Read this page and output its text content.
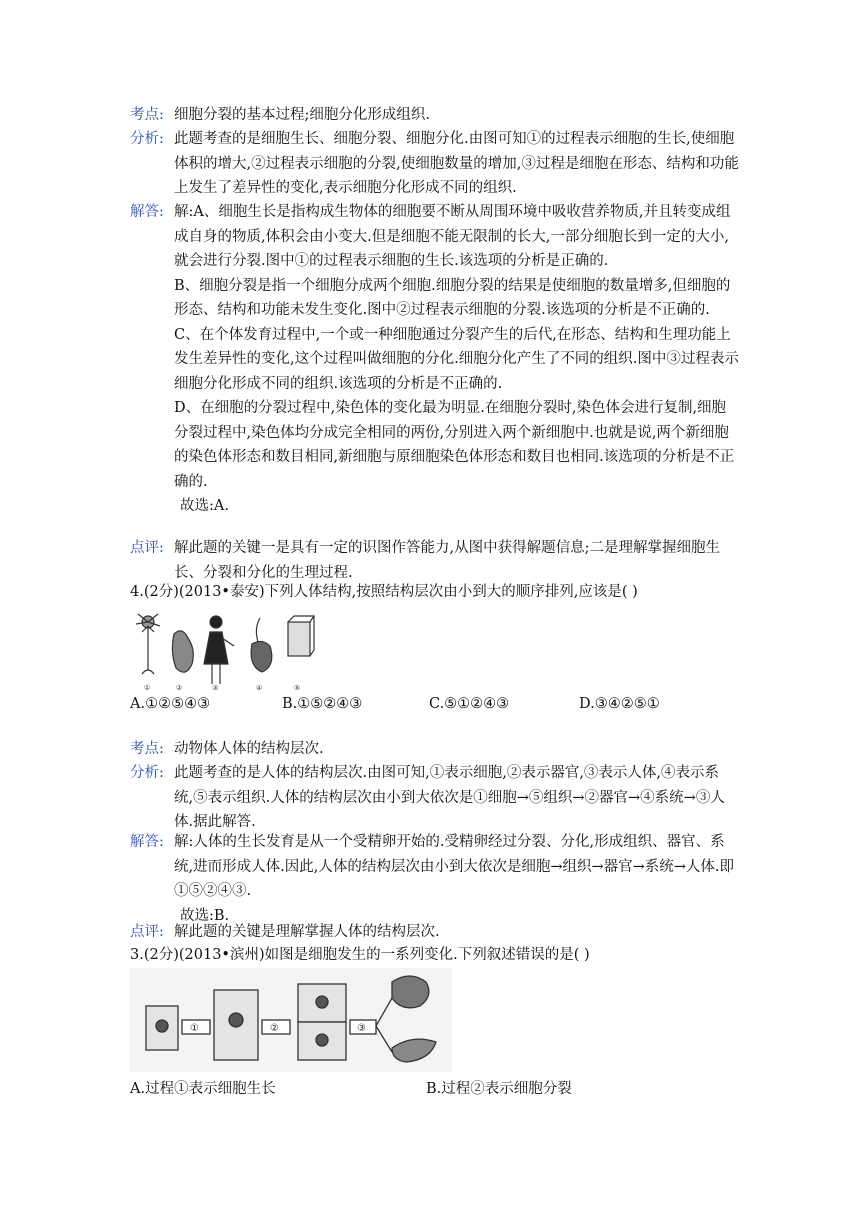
考点: 细胞分裂的基本过程;细胞分化形成组织.

分析: 此题考查的是细胞生长、细胞分裂、细胞分化.由图可知①的过程表示细胞的生长,使细胞体积的增大,②过程表示细胞的分裂,使细胞数量的增加,③过程是细胞在形态、结构和功能上发生了差异性的变化,表示细胞分化形成不同的组织.

解答: 解:A、细胞生长是指构成生物体的细胞要不断从周围环境中吸收营养物质,并且转变成组成自身的物质,体积会由小变大.但是细胞不能无限制的长大,一部分细胞长到一定的大小,就会进行分裂.图中①的过程表示细胞的生长.该选项的分析是正确的.

B、细胞分裂是指一个细胞分成两个细胞.细胞分裂的结果是使细胞的数量增多,但细胞的形态、结构和功能未发生变化.图中②过程表示细胞的分裂.该选项的分析是不正确的.

C、在个体发育过程中,一个或一种细胞通过分裂产生的后代,在形态、结构和生理功能上发生差异性的变化,这个过程叫做细胞的分化.细胞分化产生了不同的组织.图中③过程表示细胞分化形成不同的组织.该选项的分析是不正确的.

D、在细胞的分裂过程中,染色体的变化最为明显.在细胞分裂时,染色体会进行复制,细胞分裂过程中,染色体均分成完全相同的两份,分别进入两个新细胞中.也就是说,两个新细胞的染色体形态和数目相同,新细胞与原细胞染色体形态和数目也相同.该选项的分析是不正确的.

故选:A.

点评: 解此题的关键一是具有一定的识图作答能力,从图中获得解题信息;二是理解掌握细胞生长、分裂和分化的生理过程.

4.(2分)(2013•泰安)下列人体结构,按照结构层次由小到大的顺序排列,应该是( )
①	②	③	④	⑤
A.①②⑤④③	B.①⑤②④③	C.⑤①②④③	D.③④②⑤①
考点: 动物体人体的结构层次.

分析: 此题考查的是人体的结构层次.由图可知,①表示细胞,②表示器官,③表示人体,④表示系统,⑤表示组织.人体的结构层次由小到大依次是①细胞→⑤组织→②器官→④系统→③人体.据此解答.

解答: 解:人体的生长发育是从一个受精卵开始的.受精卵经过分裂、分化,形成组织、器官、系统,进而形成人体.因此,人体的结构层次由小到大依次是细胞→组织→器官→系统→人体.即①⑤②④③.

故选:B.

点评: 解此题的关键是理解掌握人体的结构层次.

3.(2分)(2013•滨州)如图是细胞发生的一系列变化.下列叙述错误的是( )
①	②	③
A.过程①表示细胞生长	B.过程②表示细胞分裂
